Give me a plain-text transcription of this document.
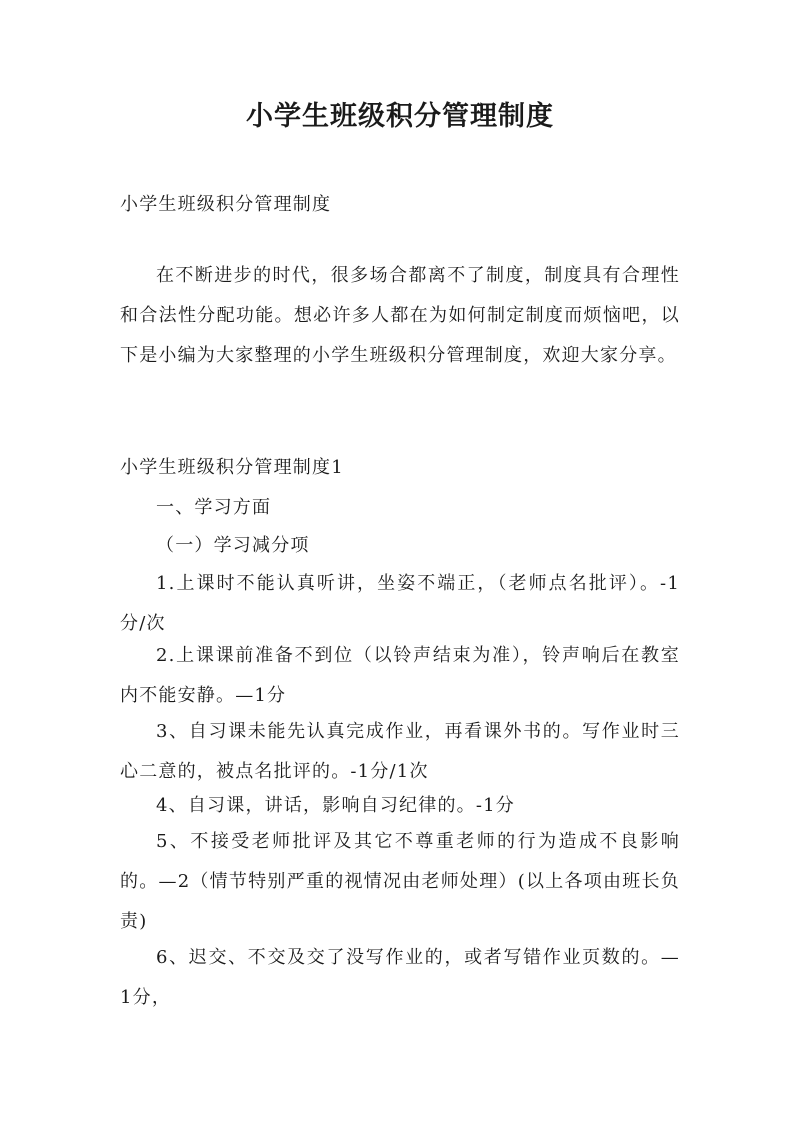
小学生班级积分管理制度

小学生班级积分管理制度

在不断进步的时代，很多场合都离不了制度，制度具有合理性和合法性分配功能。想必许多人都在为如何制定制度而烦恼吧，以下是小编为大家整理的小学生班级积分管理制度，欢迎大家分享。

小学生班级积分管理制度1

一、学习方面

（一）学习减分项

1.上课时不能认真听讲，坐姿不端正，（老师点名批评）。-1分/次

2.上课课前准备不到位（以铃声结束为准），铃声响后在教室内不能安静。—1分

3、自习课未能先认真完成作业，再看课外书的。写作业时三心二意的，被点名批评的。-1分/1次

4、自习课，讲话，影响自习纪律的。-1分

5、不接受老师批评及其它不尊重老师的行为造成不良影响的。—2（情节特别严重的视情况由老师处理）(以上各项由班长负责)

6、迟交、不交及交了没写作业的，或者写错作业页数的。—1分，
